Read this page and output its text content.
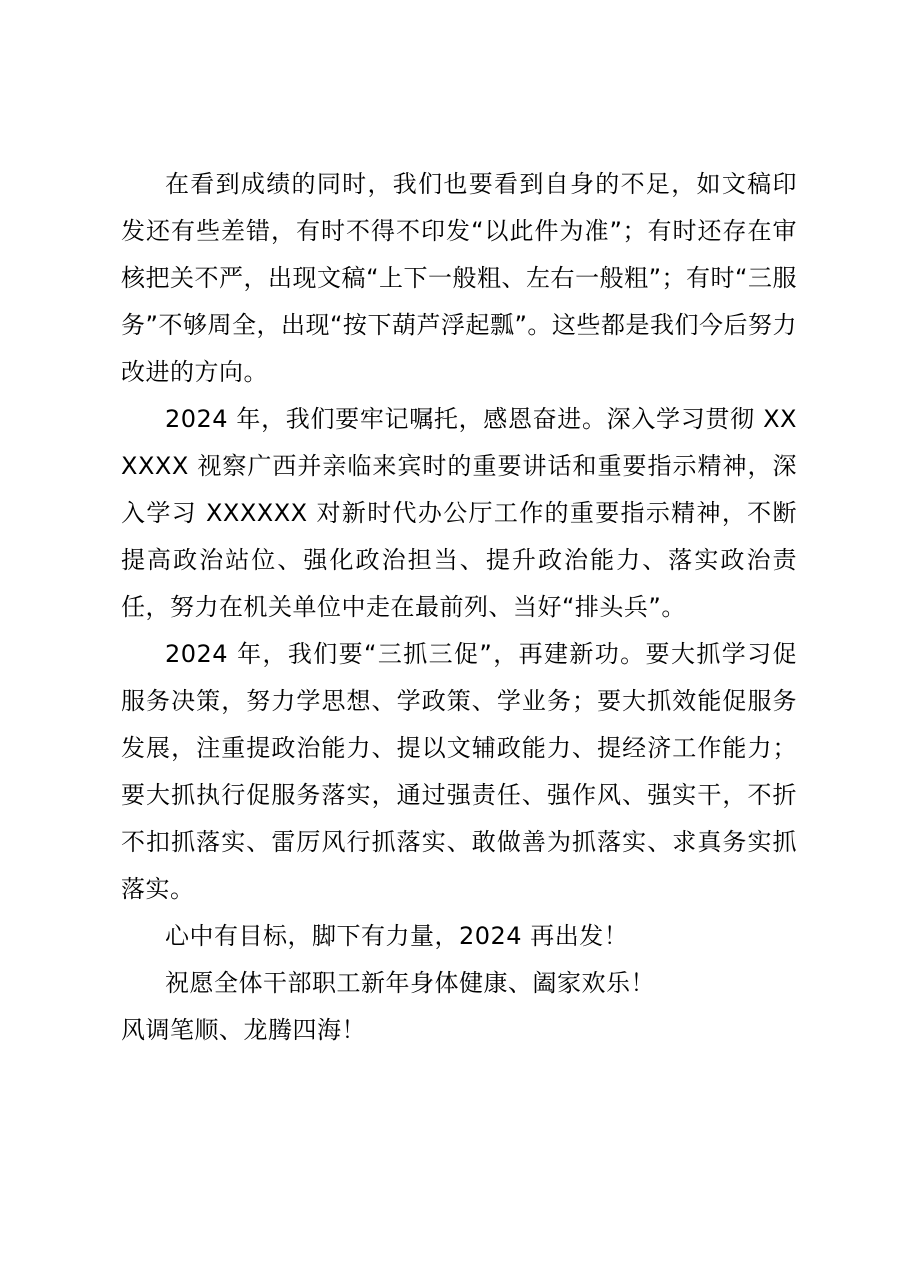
在看到成绩的同时，我们也要看到自身的不足，如文稿印发还有些差错，有时不得不印发“以此件为准”；有时还存在审核把关不严，出现文稿“上下一般粗、左右一般粗”；有时“三服务”不够周全，出现“按下葫芦浮起瓢”。这些都是我们今后努力改进的方向。

2024 年，我们要牢记嘱托，感恩奋进。深入学习贯彻 XXXXXX 视察广西并亲临来宾时的重要讲话和重要指示精神，深入学习 XXXXXX 对新时代办公厅工作的重要指示精神，不断提高政治站位、强化政治担当、提升政治能力、落实政治责任，努力在机关单位中走在最前列、当好“排头兵”。

2024 年，我们要“三抓三促”，再建新功。要大抓学习促服务决策，努力学思想、学政策、学业务；要大抓效能促服务发展，注重提政治能力、提以文辅政能力、提经济工作能力；要大抓执行促服务落实，通过强责任、强作风、强实干，不折不扣抓落实、雷厉风行抓落实、敢做善为抓落实、求真务实抓落实。

心中有目标，脚下有力量，2024 再出发！

祝愿全体干部职工新年身体健康、阖家欢乐！

风调笔顺、龙腾四海！
